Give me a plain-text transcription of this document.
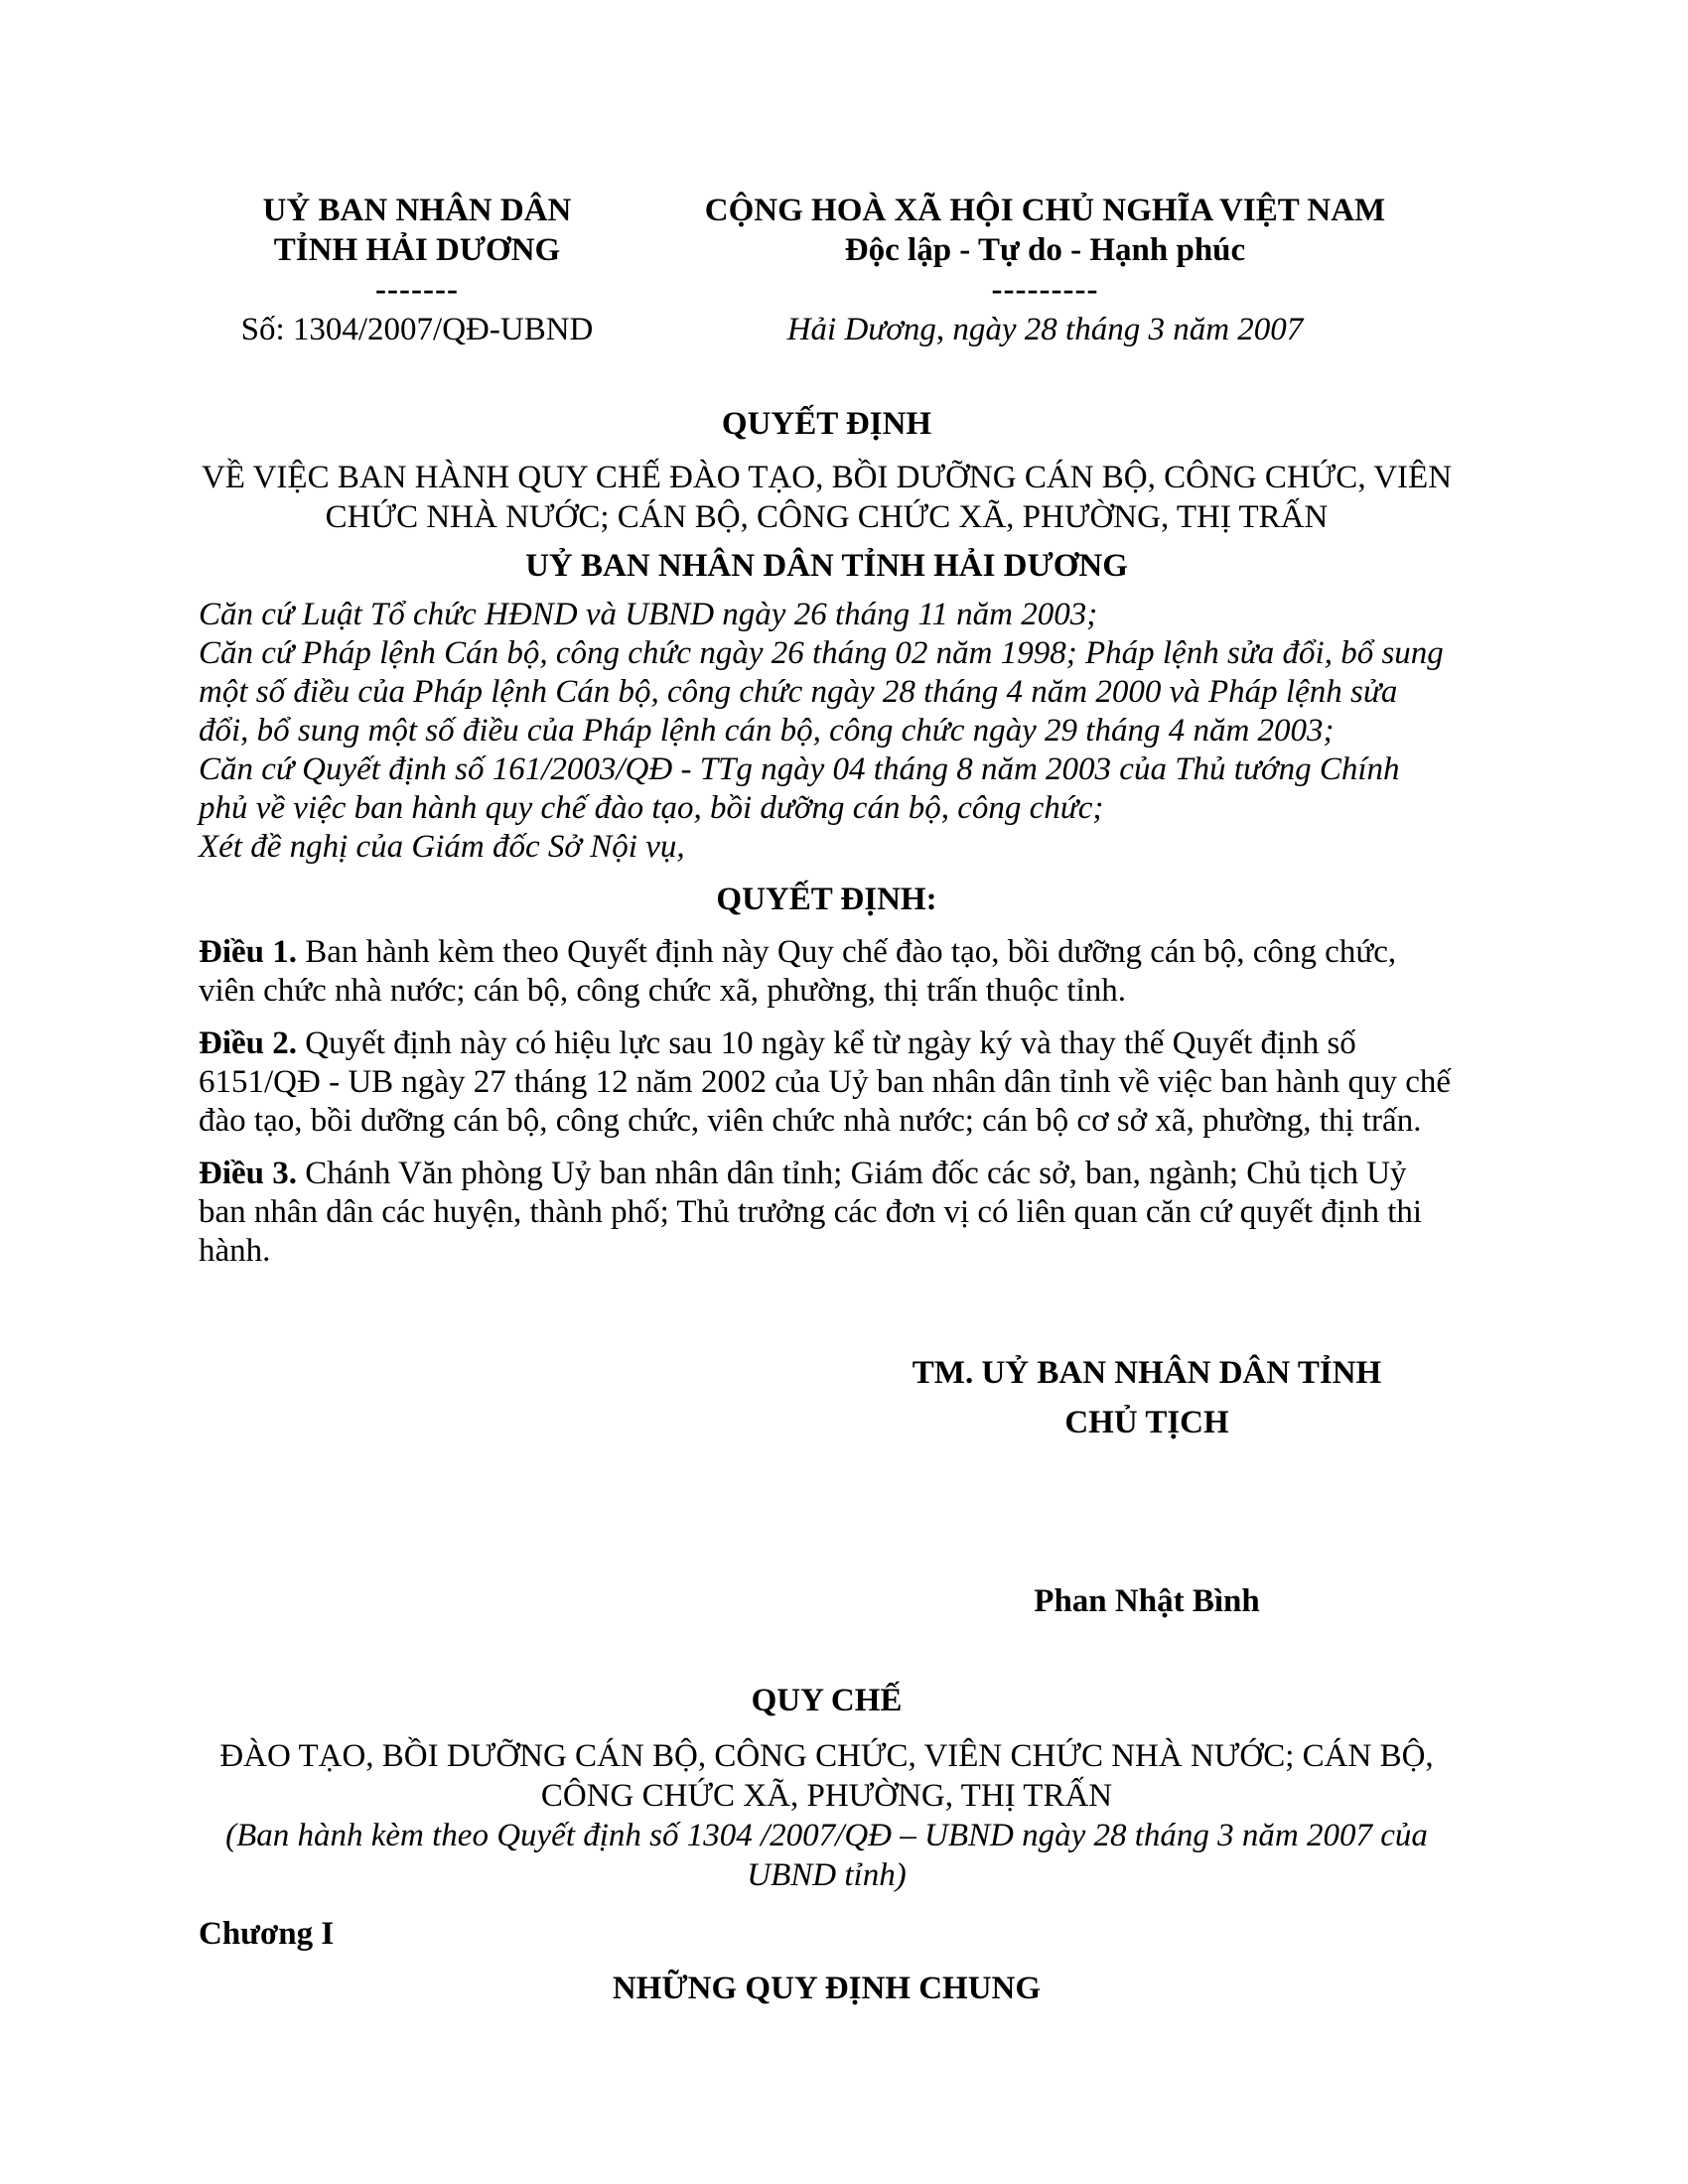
UỶ BAN NHÂN DÂN
TỈNH HẢI DƯƠNG
-------
Số: 1304/2007/QĐ-UBND
CỘNG HOÀ XÃ HỘI CHỦ NGHĨA VIỆT NAM
Độc lập - Tự do - Hạnh phúc
---------
Hải Dương, ngày 28 tháng 3 năm 2007
QUYẾT ĐỊNH
VỀ VIỆC BAN HÀNH QUY CHẾ ĐÀO TẠO, BỒI DƯỠNG CÁN BỘ, CÔNG CHỨC, VIÊN CHỨC NHÀ NƯỚC; CÁN BỘ, CÔNG CHỨC XÃ, PHƯỜNG, THỊ TRẤN
UỶ BAN NHÂN DÂN TỈNH HẢI DƯƠNG

Căn cứ Luật Tổ chức HĐND và UBND ngày 26 tháng 11 năm 2003;

Căn cứ Pháp lệnh Cán bộ, công chức ngày 26 tháng 02 năm 1998; Pháp lệnh sửa đổi, bổ sung một số điều của Pháp lệnh Cán bộ, công chức ngày 28 tháng 4 năm 2000 và Pháp lệnh sửa đổi, bổ sung một số điều của Pháp lệnh cán bộ, công chức ngày 29 tháng 4 năm 2003;

Căn cứ Quyết định số 161/2003/QĐ - TTg ngày 04 tháng 8 năm 2003 của Thủ tướng Chính phủ về việc ban hành quy chế đào tạo, bồi dưỡng cán bộ, công chức;

Xét đề nghị của Giám đốc Sở Nội vụ,

QUYẾT ĐỊNH:

Điều 1. Ban hành kèm theo Quyết định này Quy chế đào tạo, bồi dưỡng cán bộ, công chức, viên chức nhà nước; cán bộ, công chức xã, phường, thị trấn thuộc tỉnh.

Điều 2. Quyết định này có hiệu lực sau 10 ngày kể từ ngày ký và thay thế Quyết định số 6151/QĐ - UB ngày 27 tháng 12 năm 2002 của Uỷ ban nhân dân tỉnh về việc ban hành quy chế đào tạo, bồi dưỡng cán bộ, công chức, viên chức nhà nước; cán bộ cơ sở xã, phường, thị trấn.

Điều 3. Chánh Văn phòng Uỷ ban nhân dân tỉnh; Giám đốc các sở, ban, ngành; Chủ tịch Uỷ ban nhân dân các huyện, thành phố; Thủ trưởng các đơn vị có liên quan căn cứ quyết định thi hành.

TM. UỶ BAN NHÂN DÂN TỈNH
CHỦ TỊCH
Phan Nhật Bình
QUY CHẾ
ĐÀO TẠO, BỒI DƯỠNG CÁN BỘ, CÔNG CHỨC, VIÊN CHỨC NHÀ NƯỚC; CÁN BỘ, CÔNG CHỨC XÃ, PHƯỜNG, THỊ TRẤN
(Ban hành kèm theo Quyết định số 1304 /2007/QĐ – UBND ngày 28 tháng 3 năm 2007 của UBND tỉnh)
Chương I
NHỮNG QUY ĐỊNH CHUNG
